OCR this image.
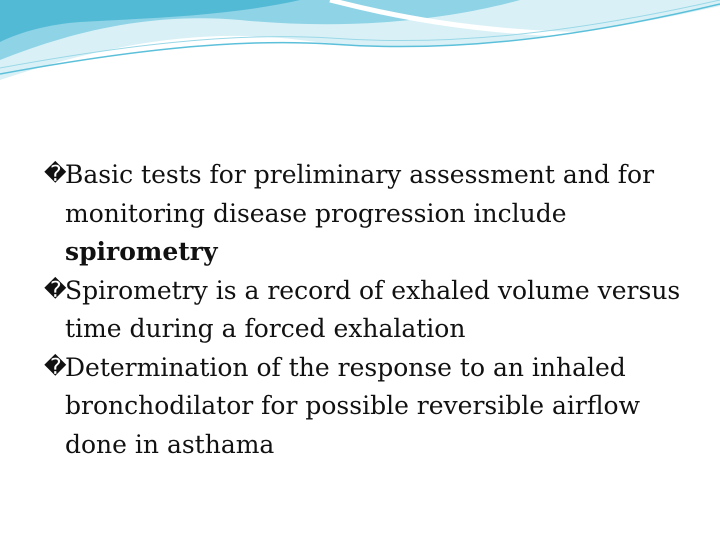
�
Basic tests for preliminary assessment and for monitoring disease progression include spirometry
�
Spirometry is a record of exhaled volume versus time during a forced exhalation
�
Determination of the response to an inhaled bronchodilator for possible reversible airflow done in asthama
